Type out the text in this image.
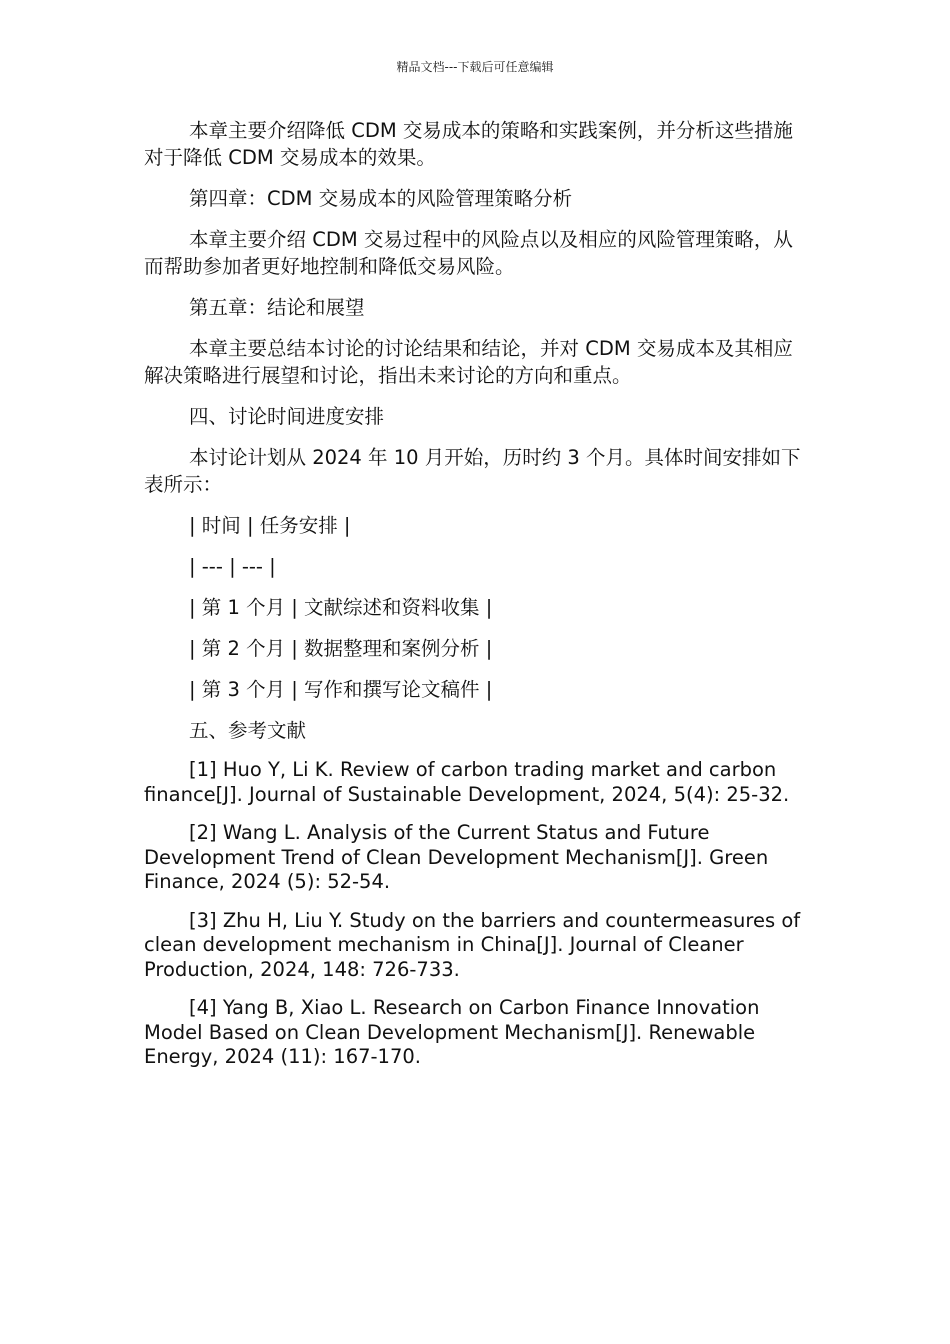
精品文档---下载后可任意编辑

本章主要介绍降低 CDM 交易成本的策略和实践案例，并分析这些措施对于降低 CDM 交易成本的效果。

第四章：CDM 交易成本的风险管理策略分析

本章主要介绍 CDM 交易过程中的风险点以及相应的风险管理策略，从而帮助参加者更好地控制和降低交易风险。

第五章：结论和展望

本章主要总结本讨论的讨论结果和结论，并对 CDM 交易成本及其相应解决策略进行展望和讨论，指出未来讨论的方向和重点。

四、讨论时间进度安排

本讨论计划从 2024 年 10 月开始，历时约 3 个月。具体时间安排如下表所示：

| 时间 | 任务安排 |

| --- | --- |

| 第 1 个月 | 文献综述和资料收集 |

| 第 2 个月 | 数据整理和案例分析 |

| 第 3 个月 | 写作和撰写论文稿件 |

五、参考文献

[1] Huo Y, Li K. Review of carbon trading market and carbon finance[J]. Journal of Sustainable Development, 2024, 5(4): 25-32.

[2] Wang L. Analysis of the Current Status and Future Development Trend of Clean Development Mechanism[J]. Green Finance, 2024 (5): 52-54.

[3] Zhu H, Liu Y. Study on the barriers and countermeasures of clean development mechanism in China[J]. Journal of Cleaner Production, 2024, 148: 726-733.

[4] Yang B, Xiao L. Research on Carbon Finance Innovation Model Based on Clean Development Mechanism[J]. Renewable Energy, 2024 (11): 167-170.
